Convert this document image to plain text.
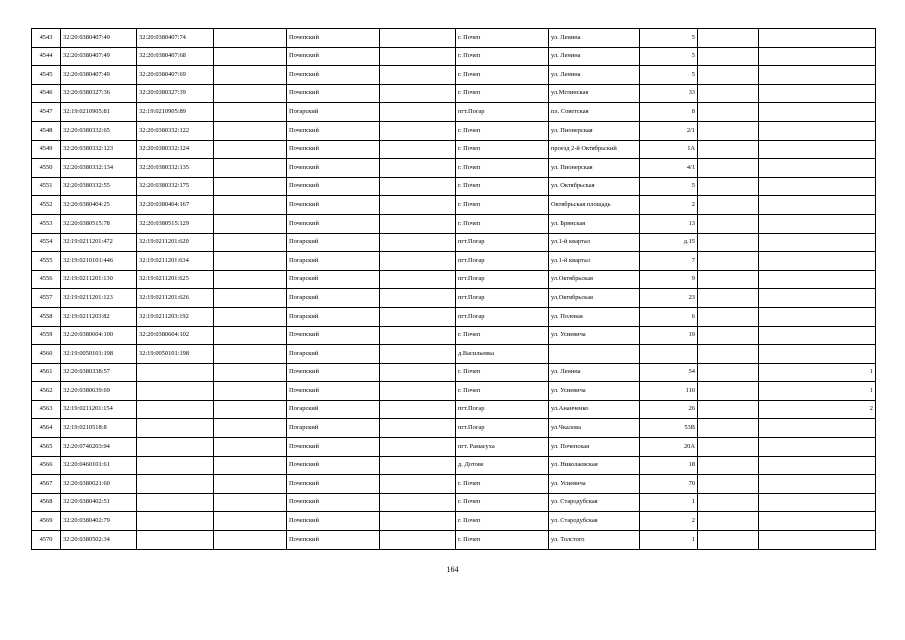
4543	32:20:0380407:49	32:20:0380407:74		Почепский		г. Почеп	ул. Ленина	5		
4544	32:20:0380407:49	32:20:0380407:68		Почепский		г. Почеп	ул. Ленина	5		
4545	32:20:0380407:49	32:20:0380407:69		Почепский		г. Почеп	ул. Ленина	5		
4546	32:20:0380327:36	32:20:0380327:39		Почепский		г. Почеп	ул.Мглинская	33		
4547	32:19:0210905:81	32:19:0210905:89		Погарский		пгт.Погар	пл. Советская	8		
4548	32:20:0380332:65	32:20:0380332:122		Почепский		г. Почеп	ул. Пионерская	2/1		
4549	32:20:0380332:123	32:20:0380332:124		Почепский		г. Почеп	проезд 2-й Октябрьский	1А		
4550	32:20:0380332:134	32:20:0380332:135		Почепский		г. Почеп	ул. Пионерская	4/1		
4551	32:20:0380332:55	32:20:0380332:175		Почепский		г. Почеп	ул. Октябрьская	5		
4552	32:20:0380404:25	32:20:0380404:167		Почепский		г. Почеп	Октябрьская площадь	2		
4553	32:20:0380515:78	32:20:0380515:129		Почепский		г. Почеп	ул. Брянская	13		
4554	32:19:0211201:472	32:19:0211201:620		Погарский		пгт.Погар	ул.1-й квартал	д.15		
4555	32:19:0210101:446	32:19:0211201:634		Погарский		пгт.Погар	ул.1-й квартал	7		
4556	32:19:0211201:130	32:19:0211201:625		Погарский		пгт.Погар	ул.Октябрьская	9		
4557	32:19:0211201:123	32:19:0211201:626		Погарский		пгт.Погар	ул.Октябрьская	23		
4558	32:19:0211203:82	32:19:0211203:192		Погарский		пгт.Погар	ул. Полевая	6		
4559	32:20:0380604:100	32:20:0380604:102		Почепский		г. Почеп	ул. Усиевича	19		
4560	32:19:0050101:198	32:19:0050101:198		Погарский		д.Васильевка				
4561	32:20:0380338:57			Почепский		г. Почеп	ул. Ленина	54		1
4562	32:20:0380639:69			Почепский		г. Почеп	ул. Усиевича	110		1
4563	32:19:0211201:154			Погарский		пгт.Погар	ул.Ананченко	26		2
4564	32:19:0210518:8			Погарский		пгт.Погар	ул.Чкалова	53В		
4565	32:20:0740203:94			Почепский		пгт. Рамасуха	ул. Почепская	20А		
4566	32:20:0460101:61			Почепский		д. Дотове	ул. Николаевская	18		
4567	32:20:0380621:60			Почепский		г. Почеп	ул. Усиевича	70		
4568	32:20:0380402:51			Почепский		г. Почеп	ул. Стародубская	1		
4569	32:20:0380402:79			Почепский		г. Почеп	ул. Стародубская	2		
4570	32:20:0380502:34			Почепский		г. Почеп	ул. Толстого	1		
164
